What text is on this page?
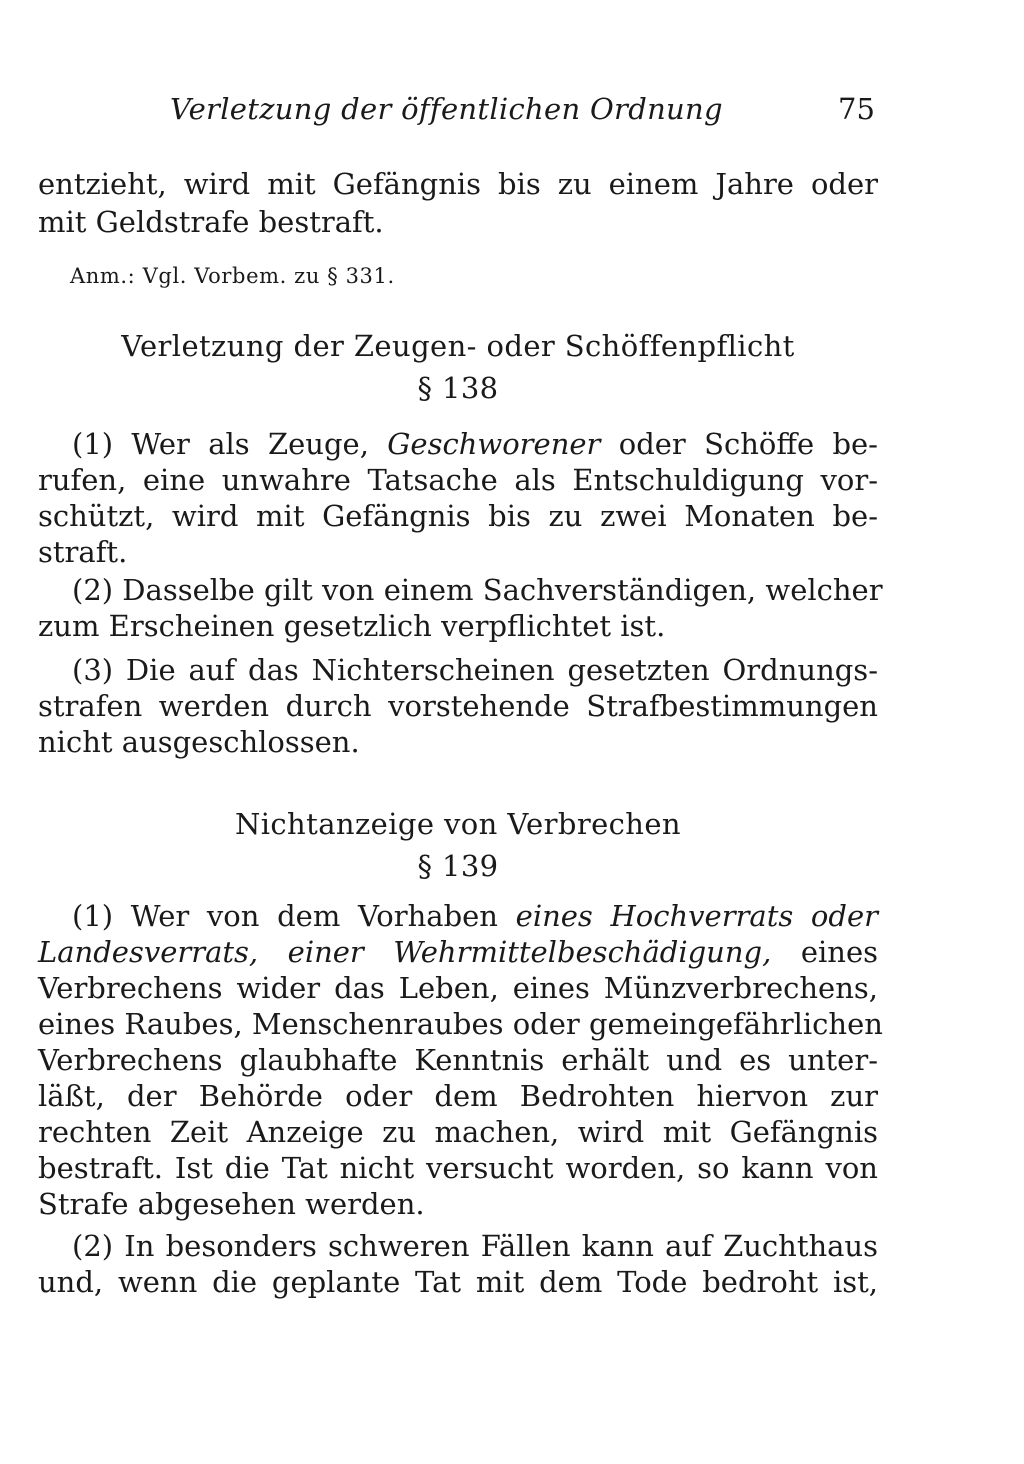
Verletzung der öffentlichen Ordnung	75
entzieht, wird mit Gefängnis bis zu einem Jahre oder
mit Geldstrafe bestraft.
Anm.: Vgl. Vorbem. zu § 331.
Verletzung der Zeugen- oder Schöffenpflicht
§ 138
(1) Wer als Zeuge, Geschworener oder Schöffe be-
rufen, eine unwahre Tatsache als Entschuldigung vor-
schützt, wird mit Gefängnis bis zu zwei Monaten be-
straft.
(2) Dasselbe gilt von einem Sachverständigen, welcher
zum Erscheinen gesetzlich verpflichtet ist.
(3) Die auf das Nichterscheinen gesetzten Ordnungs-
strafen werden durch vorstehende Strafbestimmungen
nicht ausgeschlossen.
Nichtanzeige von Verbrechen
§ 139
(1) Wer von dem Vorhaben eines Hochverrats oder
Landesverrats, einer Wehrmittelbeschädigung, eines
Verbrechens wider das Leben, eines Münzverbrechens,
eines Raubes, Menschenraubes oder gemeingefährlichen
Verbrechens glaubhafte Kenntnis erhält und es unter-
läßt, der Behörde oder dem Bedrohten hiervon zur
rechten Zeit Anzeige zu machen, wird mit Gefängnis
bestraft. Ist die Tat nicht versucht worden, so kann von
Strafe abgesehen werden.
(2) In besonders schweren Fällen kann auf Zuchthaus
und, wenn die geplante Tat mit dem Tode bedroht ist,
